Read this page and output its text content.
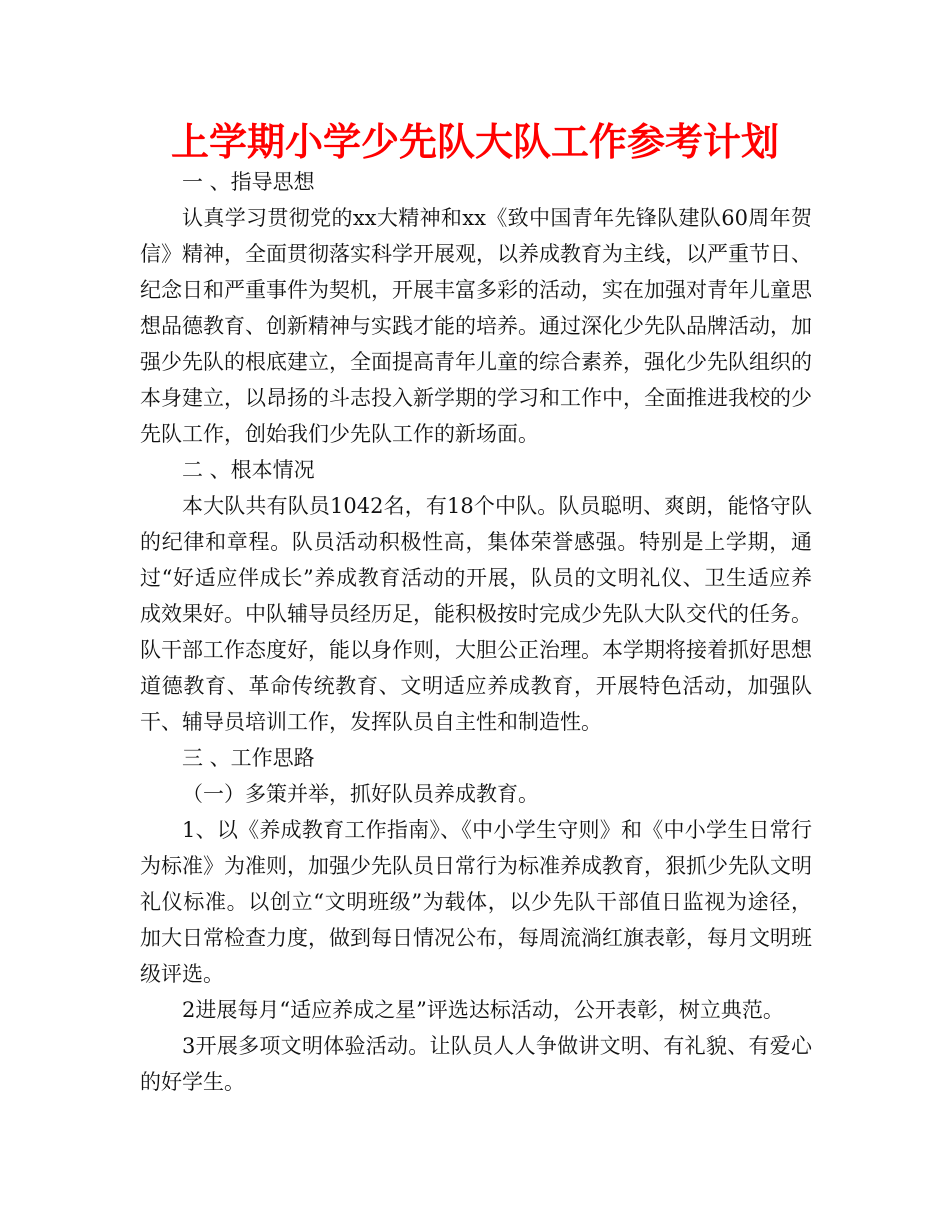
上学期小学少先队大队工作参考计划

一 、指导思想

认真学习贯彻党的xx大精神和xx《致中国青年先锋队建队60周年贺信》精神，全面贯彻落实科学开展观，以养成教育为主线，以严重节日、纪念日和严重事件为契机，开展丰富多彩的活动，实在加强对青年儿童思想品德教育、创新精神与实践才能的培养。通过深化少先队品牌活动，加强少先队的根底建立，全面提高青年儿童的综合素养，强化少先队组织的本身建立，以昂扬的斗志投入新学期的学习和工作中，全面推进我校的少先队工作，创始我们少先队工作的新场面。

二 、根本情况

本大队共有队员1042名，有18个中队。队员聪明、爽朗，能恪守队的纪律和章程。队员活动积极性高，集体荣誉感强。特别是上学期，通过“好适应伴成长”养成教育活动的开展，队员的文明礼仪、卫生适应养成效果好。中队辅导员经历足，能积极按时完成少先队大队交代的任务。队干部工作态度好，能以身作则，大胆公正治理。本学期将接着抓好思想道德教育、革命传统教育、文明适应养成教育，开展特色活动，加强队干、辅导员培训工作，发挥队员自主性和制造性。

三 、工作思路

（一）多策并举，抓好队员养成教育。

1、以《养成教育工作指南》、《中小学生守则》和《中小学生日常行为标准》为准则，加强少先队员日常行为标准养成教育，狠抓少先队文明礼仪标准。以创立“文明班级”为载体，以少先队干部值日监视为途径，加大日常检查力度，做到每日情况公布，每周流淌红旗表彰，每月文明班级评选。

2进展每月“适应养成之星”评选达标活动，公开表彰，树立典范。

3开展多项文明体验活动。让队员人人争做讲文明、有礼貌、有爱心的好学生。
